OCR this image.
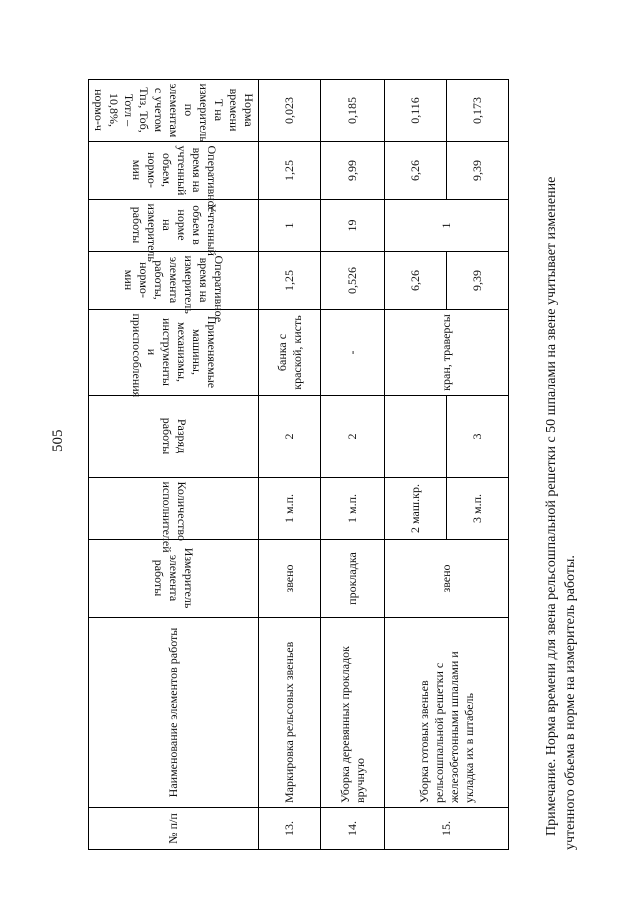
505
№ п/п	Наименование элементов работы	Измеритель элемента работы	Количество исполнителей	Разряд работы	Применяемые машины, механизмы, инструменты и приспособления	Оперативное время на измеритель элемента работы, нормо-мин	Учтенный объем в норме на измеритель работы	Оперативное время на учтенный объем, нормо-мин	Норма времени Т на измеритель по элементам с учетом Тпз, Тоб, Тотл – 10,8%, нормо-ч
13.	Маркировка рельсовых звеньев	звено	1 м.п.	2	банка с краской, кисть	1,25	1	1,25	0,023
14.	Уборка деревянных прокладок вручную	прокладка	1 м.п.	2	-	0,526	19	9,99	0,185
15.	Уборка готовых звеньев рельсошпальной решетки с железобетонными шпалами и укладка их в штабель	звено	2 маш.кр.		кран, траверсы	6,26	1	6,26	0,116
			3 м.п.	3		9,39		9,39	0,173
Примечание. Норма времени для звена рельсошпальной решетки с 50 шпалами на звене учитывает изменение учтенного объема в норме на измеритель работы.
